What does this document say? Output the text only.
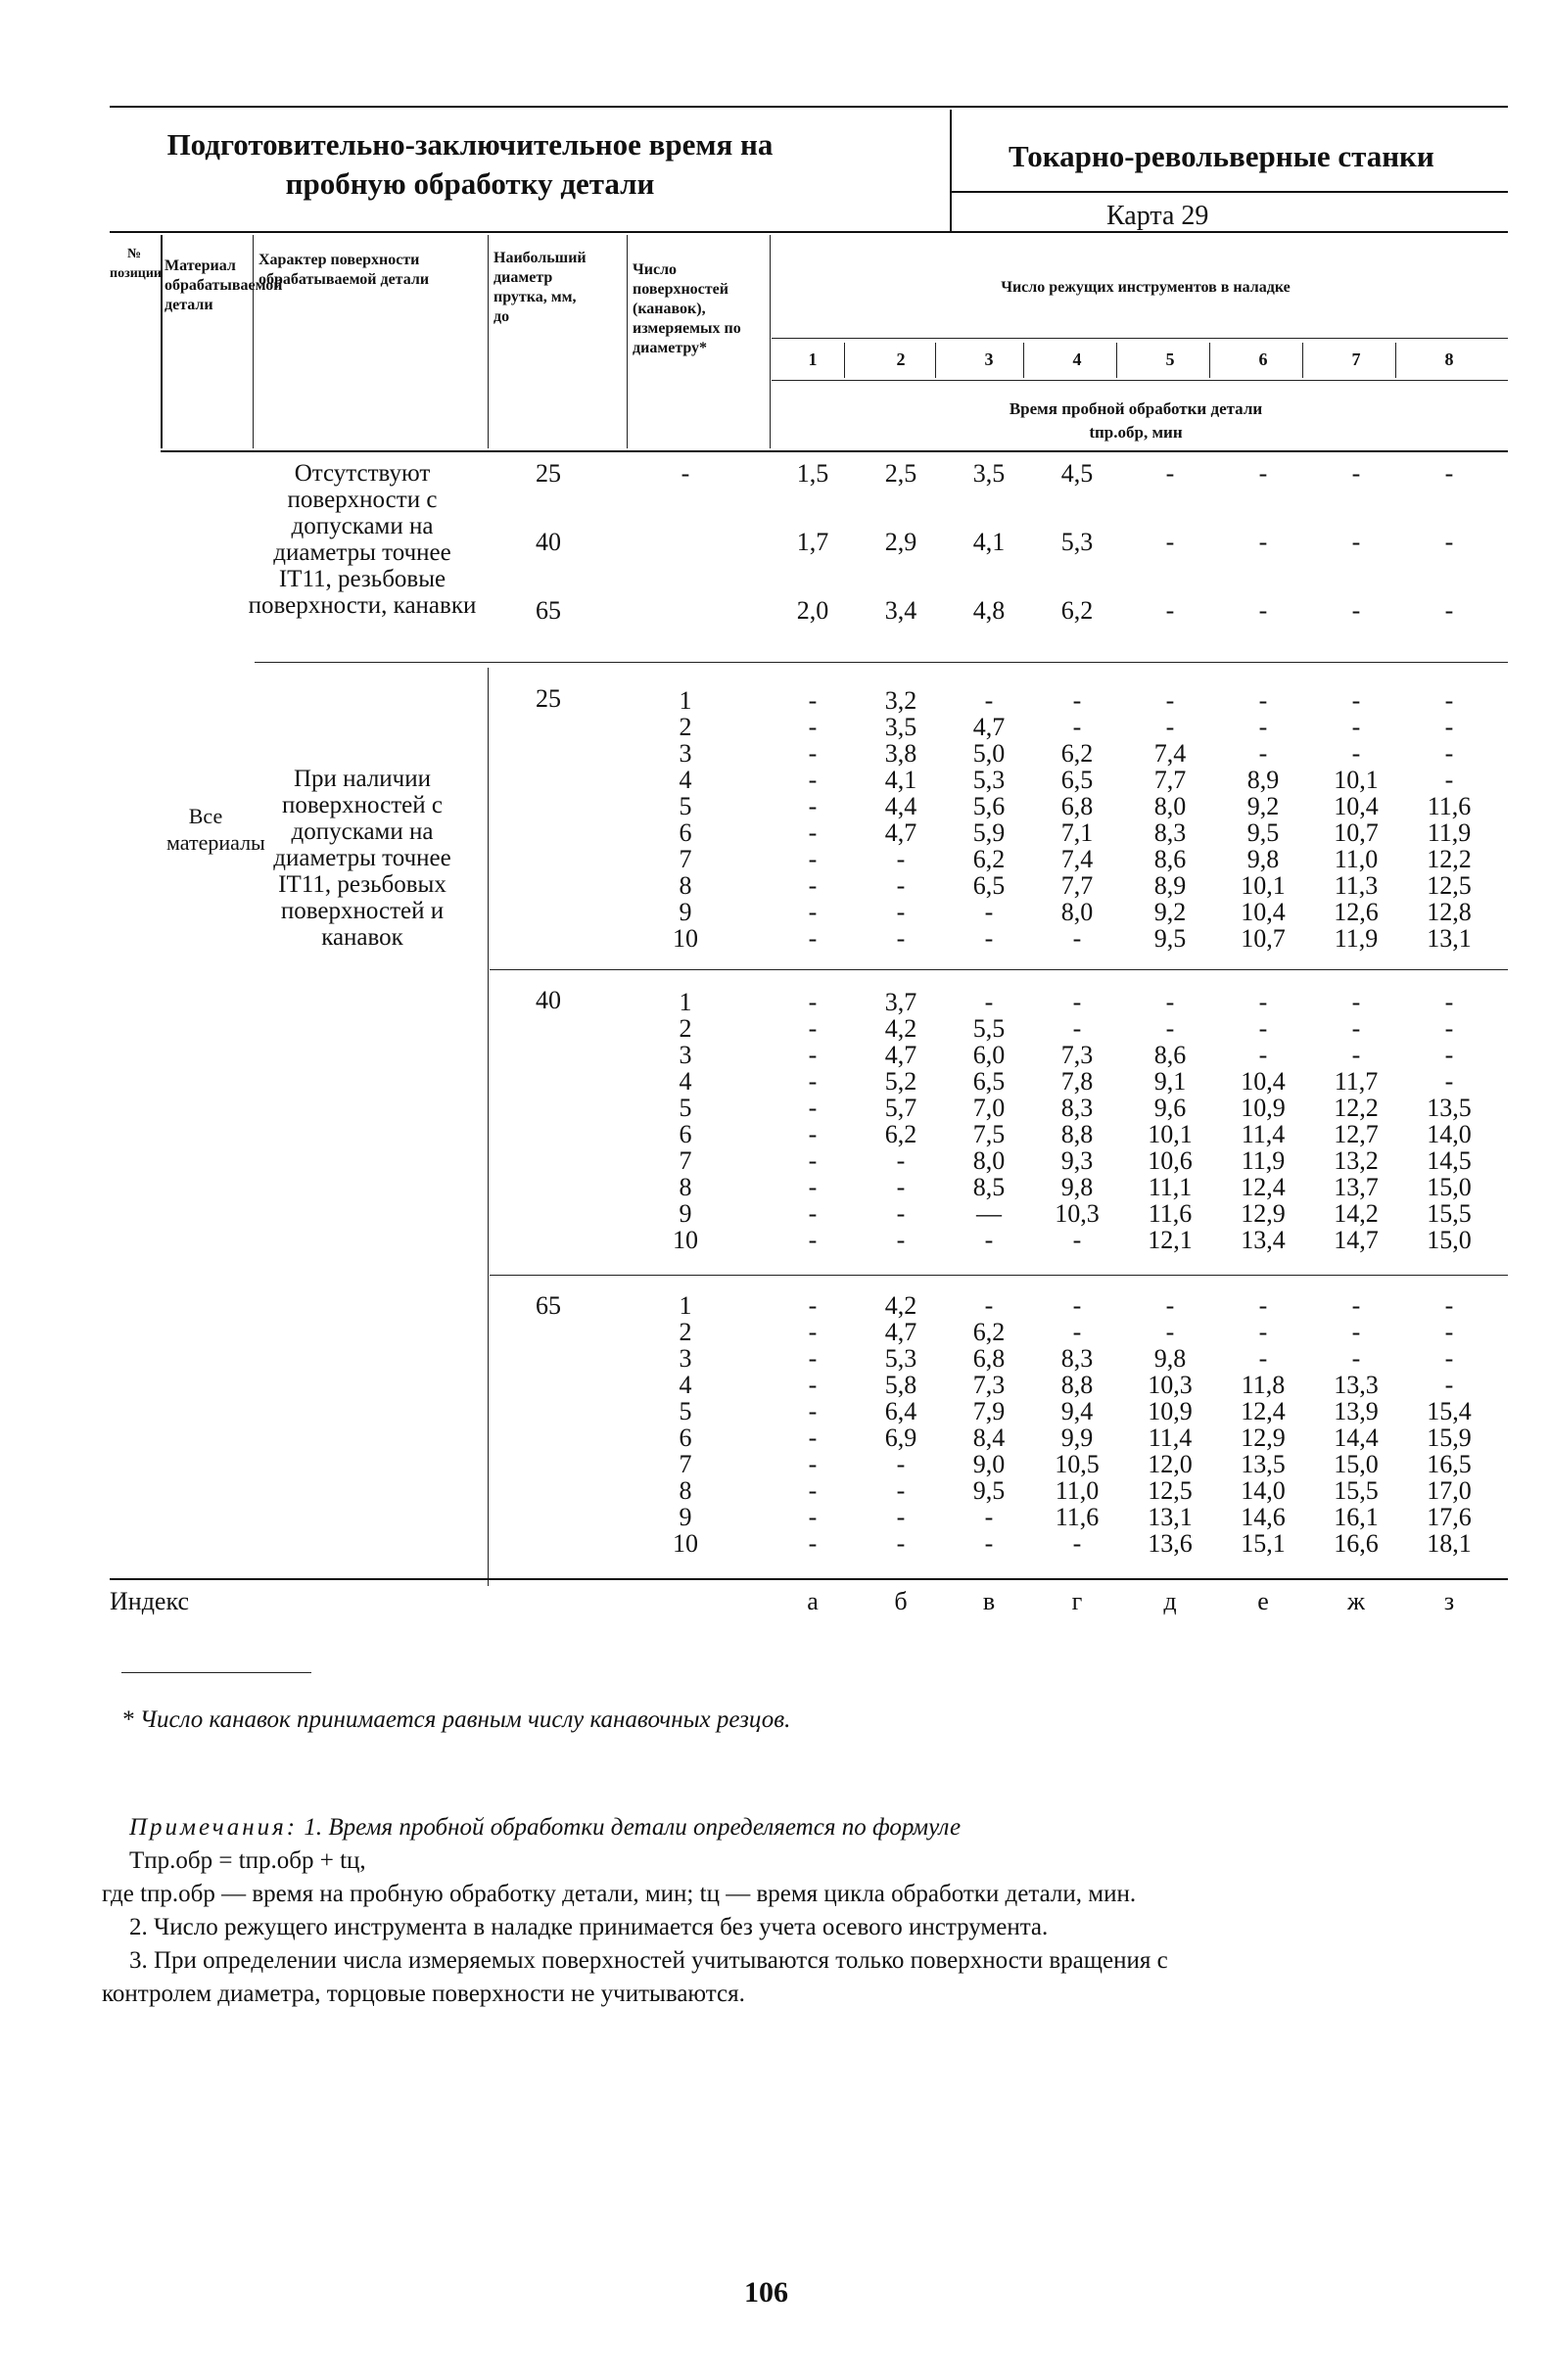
Подготовительно-заключительное время на
пробную обработку детали
Токарно-револьверные станки
Карта 29
№ позиции Материал обрабатываемой детали
Характер поверхности обрабатываемой детали
Наибольший диаметр прутка, мм, до
Число поверхностей (канавок), измеряемых по диаметру*
Число режущих инструментов в наладке
1	2	3	4	5	6	7	8
Время пробной обработки детали
tпр.обр, мин
Отсутствуют поверхности с допусками на диаметры точнее IT11, резьбовые поверхности, канавки
25	-	1,5	2,5	3,5	4,5	-	-	-	-
40	1,7	2,9	4,1	5,3	-	-	-	-
65	2,0	3,4	4,8	6,2	-	-	-	-
Все материалы
При наличии поверхностей с допусками на диаметры точнее IT11, резьбовых поверхностей и канавок
25	1	-	3,2	-	-	-	-	-	-
2	-	3,5	4,7	-	-	-	-	-
3	-	3,8	5,0	6,2	7,4	-	-	-
4	-	4,1	5,3	6,5	7,7	8,9	10,1	-
5	-	4,4	5,6	6,8	8,0	9,2	10,4	11,6
6	-	4,7	5,9	7,1	8,3	9,5	10,7	11,9
7	-	-	6,2	7,4	8,6	9,8	11,0	12,2
8	-	-	6,5	7,7	8,9	10,1	11,3	12,5
9	-	-	-	8,0	9,2	10,4	12,6	12,8
10	-	-	-	-	9,5	10,7	11,9	13,1
40	1	-	3,7	-	-	-	-	-	-
2	-	4,2	5,5	-	-	-	-	-
3	-	4,7	6,0	7,3	8,6	-	-	-
4	-	5,2	6,5	7,8	9,1	10,4	11,7	-
5	-	5,7	7,0	8,3	9,6	10,9	12,2	13,5
6	-	6,2	7,5	8,8	10,1	11,4	12,7	14,0
7	-	-	8,0	9,3	10,6	11,9	13,2	14,5
8	-	-	8,5	9,8	11,1	12,4	13,7	15,0
9	-	-	—	10,3	11,6	12,9	14,2	15,5
10	-	-	-	-	12,1	13,4	14,7	15,0
65	1	-	4,2	-	-	-	-	-	-
2	-	4,7	6,2	-	-	-	-	-
3	-	5,3	6,8	8,3	9,8	-	-	-
4	-	5,8	7,3	8,8	10,3	11,8	13,3	-
5	-	6,4	7,9	9,4	10,9	12,4	13,9	15,4
6	-	6,9	8,4	9,9	11,4	12,9	14,4	15,9
7	-	-	9,0	10,5	12,0	13,5	15,0	16,5
8	-	-	9,5	11,0	12,5	14,0	15,5	17,0
9	-	-	-	11,6	13,1	14,6	16,1	17,6
10	-	-	-	-	13,6	15,1	16,6	18,1
Индекс	а	б	в	г	д	е	ж	з
* Число канавок принимается равным числу канавочных резцов.
Примечания: 1. Время пробной обработки детали определяется по формуле
Tпр.обр = tпр.обр + tц,
где tпр.обр — время на пробную обработку детали, мин; tц — время цикла обработки детали, мин.
2. Число режущего инструмента в наладке принимается без учета осевого инструмента.
3. При определении числа измеряемых поверхностей учитываются только поверхности вращения с
контролем диаметра, торцовые поверхности не учитываются.
106
